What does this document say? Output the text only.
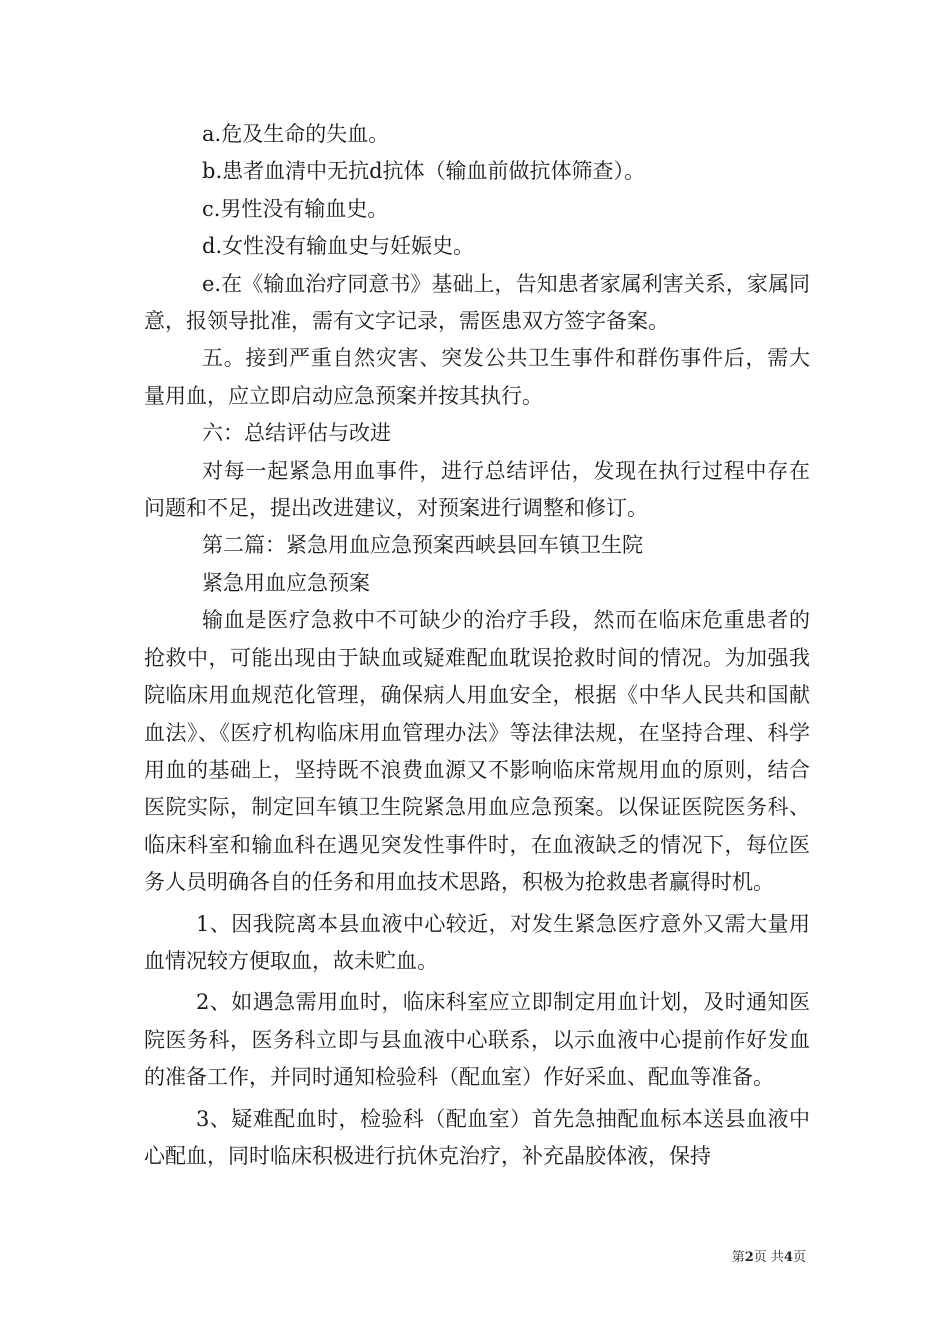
a.危及生命的失血。

b.患者血清中无抗d抗体（输血前做抗体筛查）。

c.男性没有输血史。

d.女性没有输血史与妊娠史。

e.在《输血治疗同意书》基础上，告知患者家属利害关系，家属同意，报领导批准，需有文字记录，需医患双方签字备案。

五。接到严重自然灾害、突发公共卫生事件和群伤事件后，需大量用血，应立即启动应急预案并按其执行。

六：总结评估与改进

对每一起紧急用血事件，进行总结评估，发现在执行过程中存在问题和不足，提出改进建议，对预案进行调整和修订。

第二篇：紧急用血应急预案西峡县回车镇卫生院

紧急用血应急预案

输血是医疗急救中不可缺少的治疗手段，然而在临床危重患者的抢救中，可能出现由于缺血或疑难配血耽误抢救时间的情况。为加强我院临床用血规范化管理，确保病人用血安全，根据《中华人民共和国献血法》、《医疗机构临床用血管理办法》等法律法规，在坚持合理、科学用血的基础上，坚持既不浪费血源又不影响临床常规用血的原则，结合医院实际，制定回车镇卫生院紧急用血应急预案。以保证医院医务科、临床科室和输血科在遇见突发性事件时，在血液缺乏的情况下，每位医务人员明确各自的任务和用血技术思路，积极为抢救患者赢得时机。

1、因我院离本县血液中心较近，对发生紧急医疗意外又需大量用血情况较方便取血，故未贮血。

2、如遇急需用血时，临床科室应立即制定用血计划，及时通知医院医务科，医务科立即与县血液中心联系，以示血液中心提前作好发血的准备工作，并同时通知检验科（配血室）作好采血、配血等准备。

3、疑难配血时，检验科（配血室）首先急抽配血标本送县血液中心配血，同时临床积极进行抗休克治疗，补充晶胶体液，保持

第2页 共4页
